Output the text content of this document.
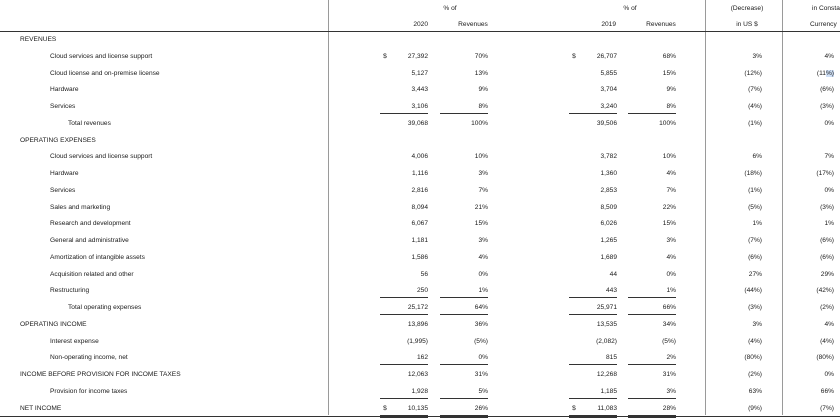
% of	% of	(Decrease)	in Consta
2020	Revenues	2019	Revenues	in US $	Currency
REVENUES
Cloud services and license support	$	27,392	70%	$	26,707	68%	3%	4%
Cloud license and on-premise license	5,127	13%	5,855	15%	(12%)	(11%)
Hardware	3,443	9%	3,704	9%	(7%)	(6%)
Services	3,106	8%	3,240	8%	(4%)	(3%)
Total revenues	39,068	100%	39,506	100%	(1%)	0%
OPERATING EXPENSES
Cloud services and license support	4,006	10%	3,782	10%	6%	7%
Hardware	1,116	3%	1,360	4%	(18%)	(17%)
Services	2,816	7%	2,853	7%	(1%)	0%
Sales and marketing	8,094	21%	8,509	22%	(5%)	(3%)
Research and development	6,067	15%	6,026	15%	1%	1%
General and administrative	1,181	3%	1,265	3%	(7%)	(6%)
Amortization of intangible assets	1,586	4%	1,689	4%	(6%)	(6%)
Acquisition related and other	56	0%	44	0%	27%	29%
Restructuring	250	1%	443	1%	(44%)	(42%)
Total operating expenses	25,172	64%	25,971	66%	(3%)	(2%)
OPERATING INCOME	13,896	36%	13,535	34%	3%	4%
Interest expense	(1,995)	(5%)	(2,082)	(5%)	(4%)	(4%)
Non-operating income, net	162	0%	815	2%	(80%)	(80%)
INCOME BEFORE PROVISION FOR INCOME TAXES	12,063	31%	12,268	31%	(2%)	0%
Provision for income taxes	1,928	5%	1,185	3%	63%	66%
NET INCOME	$	10,135	26%	$	11,083	28%	(9%)	(7%)
